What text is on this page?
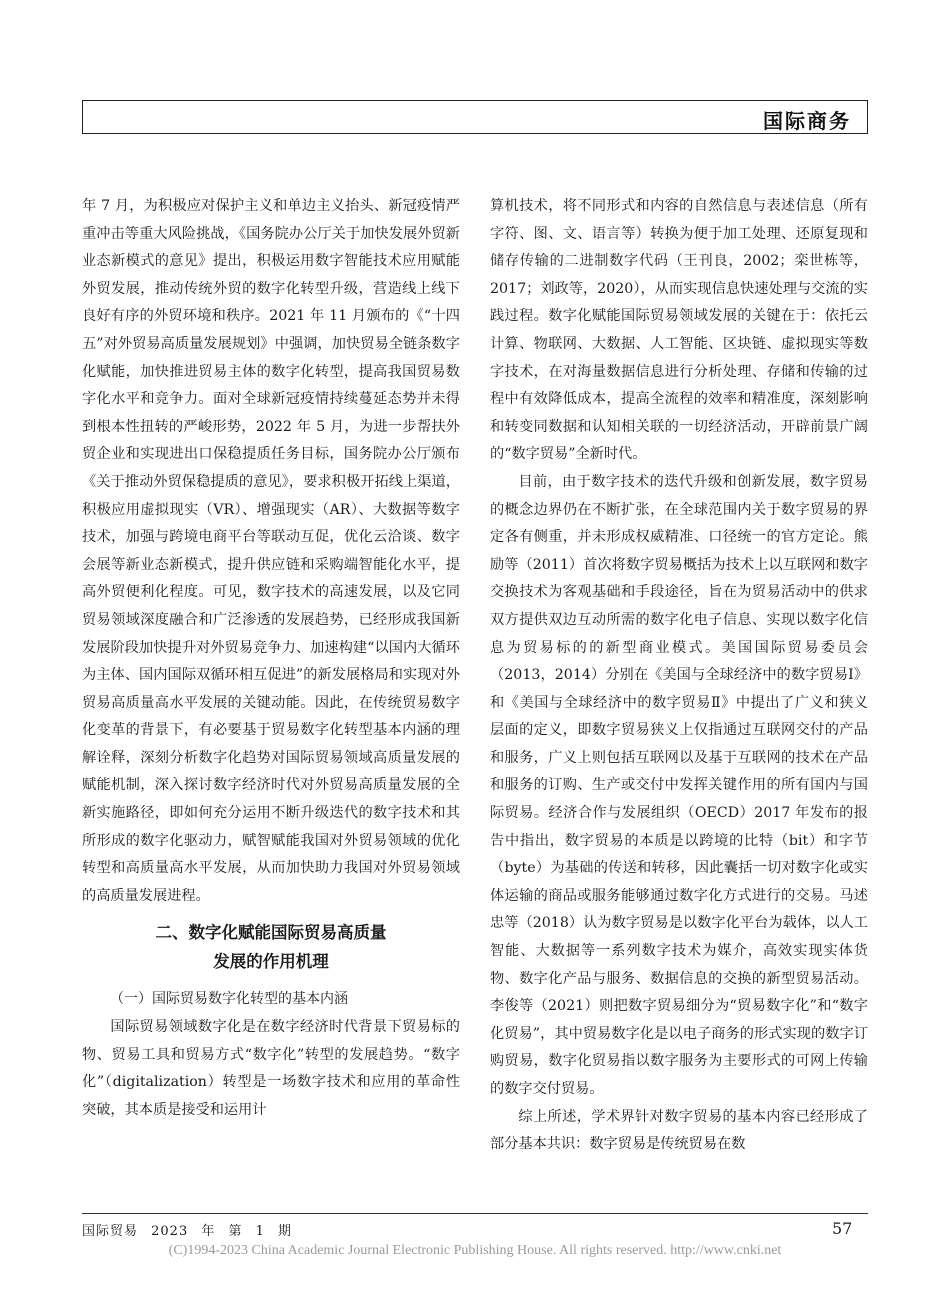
国际商务

年 7 月，为积极应对保护主义和单边主义抬头、新冠疫情严重冲击等重大风险挑战，《国务院办公厅关于加快发展外贸新业态新模式的意见》提出，积极运用数字智能技术应用赋能外贸发展，推动传统外贸的数字化转型升级，营造线上线下良好有序的外贸环境和秩序。2021 年 11 月颁布的《“十四五”对外贸易高质量发展规划》中强调，加快贸易全链条数字化赋能，加快推进贸易主体的数字化转型，提高我国贸易数字化水平和竞争力。面对全球新冠疫情持续蔓延态势并未得到根本性扭转的严峻形势，2022 年 5 月，为进一步帮扶外贸企业和实现进出口保稳提质任务目标，国务院办公厅颁布《关于推动外贸保稳提质的意见》，要求积极开拓线上渠道，积极应用虚拟现实（VR）、增强现实（AR）、大数据等数字技术，加强与跨境电商平台等联动互促，优化云洽谈、数字会展等新业态新模式，提升供应链和采购端智能化水平，提高外贸便利化程度。可见，数字技术的高速发展，以及它同贸易领域深度融合和广泛渗透的发展趋势，已经形成我国新发展阶段加快提升对外贸易竞争力、加速构建“以国内大循环为主体、国内国际双循环相互促进”的新发展格局和实现对外贸易高质量高水平发展的关键动能。因此，在传统贸易数字化变革的背景下，有必要基于贸易数字化转型基本内涵的理解诠释，深刻分析数字化趋势对国际贸易领域高质量发展的赋能机制，深入探讨数字经济时代对外贸易高质量发展的全新实施路径，即如何充分运用不断升级迭代的数字技术和其所形成的数字化驱动力，赋智赋能我国对外贸易领域的优化转型和高质量高水平发展，从而加快助力我国对外贸易领域的高质量发展进程。

二、数字化赋能国际贸易高质量
发展的作用机理

（一）国际贸易数字化转型的基本内涵

国际贸易领域数字化是在数字经济时代背景下贸易标的物、贸易工具和贸易方式“数字化”转型的发展趋势。“数字化”（digitalization）转型是一场数字技术和应用的革命性突破，其本质是接受和运用计

算机技术，将不同形式和内容的自然信息与表述信息（所有字符、图、文、语言等）转换为便于加工处理、还原复现和储存传输的二进制数字代码（王刊良，2002；栾世栋等，2017；刘政等，2020），从而实现信息快速处理与交流的实践过程。数字化赋能国际贸易领域发展的关键在于：依托云计算、物联网、大数据、人工智能、区块链、虚拟现实等数字技术，在对海量数据信息进行分析处理、存储和传输的过程中有效降低成本，提高全流程的效率和精准度，深刻影响和转变同数据和认知相关联的一切经济活动，开辟前景广阔的“数字贸易”全新时代。

目前，由于数字技术的迭代升级和创新发展，数字贸易的概念边界仍在不断扩张，在全球范围内关于数字贸易的界定各有侧重，并未形成权威精准、口径统一的官方定论。熊励等（2011）首次将数字贸易概括为技术上以互联网和数字交换技术为客观基础和手段途径，旨在为贸易活动中的供求双方提供双边互动所需的数字化电子信息、实现以数字化信息为贸易标的的新型商业模式。美国国际贸易委员会（2013，2014）分别在《美国与全球经济中的数字贸易Ⅰ》和《美国与全球经济中的数字贸易Ⅱ》中提出了广义和狭义层面的定义，即数字贸易狭义上仅指通过互联网交付的产品和服务，广义上则包括互联网以及基于互联网的技术在产品和服务的订购、生产或交付中发挥关键作用的所有国内与国际贸易。经济合作与发展组织（OECD）2017 年发布的报告中指出，数字贸易的本质是以跨境的比特（bit）和字节（byte）为基础的传送和转移，因此囊括一切对数字化或实体运输的商品或服务能够通过数字化方式进行的交易。马述忠等（2018）认为数字贸易是以数字化平台为载体，以人工智能、大数据等一系列数字技术为媒介，高效实现实体货物、数字化产品与服务、数据信息的交换的新型贸易活动。李俊等（2021）则把数字贸易细分为“贸易数字化”和“数字化贸易”，其中贸易数字化是以电子商务的形式实现的数字订购贸易，数字化贸易指以数字服务为主要形式的可网上传输的数字交付贸易。

综上所述，学术界针对数字贸易的基本内容已经形成了部分基本共识：数字贸易是传统贸易在数

国际贸易 2023 年 第 1 期	57
(C)1994-2023 China Academic Journal Electronic Publishing House. All rights reserved. http://www.cnki.net
